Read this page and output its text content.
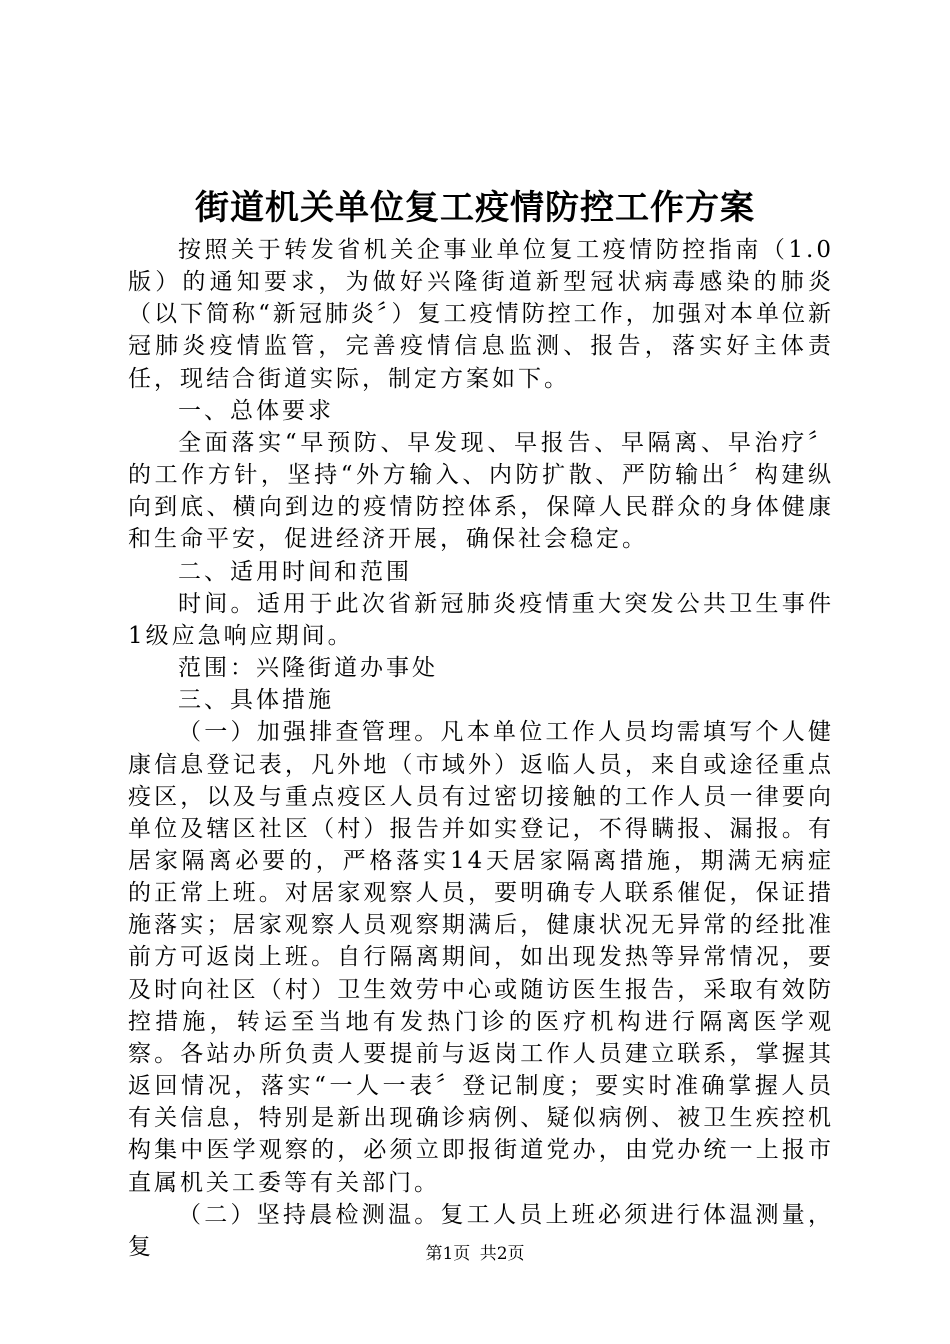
街道机关单位复工疫情防控工作方案

按照关于转发省机关企事业单位复工疫情防控指南（1.0版）的通知要求，为做好兴隆街道新型冠状病毒感染的肺炎（以下简称“新冠肺炎〞）复工疫情防控工作，加强对本单位新冠肺炎疫情监管，完善疫情信息监测、报告，落实好主体责任，现结合街道实际，制定方案如下。

一、总体要求

全面落实“早预防、早发现、早报告、早隔离、早治疗〞的工作方针，坚持“外方输入、内防扩散、严防输出〞构建纵向到底、横向到边的疫情防控体系，保障人民群众的身体健康和生命平安，促进经济开展，确保社会稳定。

二、适用时间和范围

时间。适用于此次省新冠肺炎疫情重大突发公共卫生事件1级应急响应期间。

范围：兴隆街道办事处

三、具体措施

（一）加强排查管理。凡本单位工作人员均需填写个人健康信息登记表，凡外地（市域外）返临人员，来自或途径重点疫区，以及与重点疫区人员有过密切接触的工作人员一律要向单位及辖区社区（村）报告并如实登记，不得瞒报、漏报。有居家隔离必要的，严格落实14天居家隔离措施，期满无病症的正常上班。对居家观察人员，要明确专人联系催促，保证措施落实；居家观察人员观察期满后，健康状况无异常的经批准前方可返岗上班。自行隔离期间，如出现发热等异常情况，要及时向社区（村）卫生效劳中心或随访医生报告，采取有效防控措施，转运至当地有发热门诊的医疗机构进行隔离医学观察。各站办所负责人要提前与返岗工作人员建立联系，掌握其返回情况，落实“一人一表〞登记制度；要实时准确掌握人员有关信息，特别是新出现确诊病例、疑似病例、被卫生疾控机构集中医学观察的，必须立即报街道党办，由党办统一上报市直属机关工委等有关部门。

（二）坚持晨检测温。复工人员上班必须进行体温测量，复	第1页 共2页
